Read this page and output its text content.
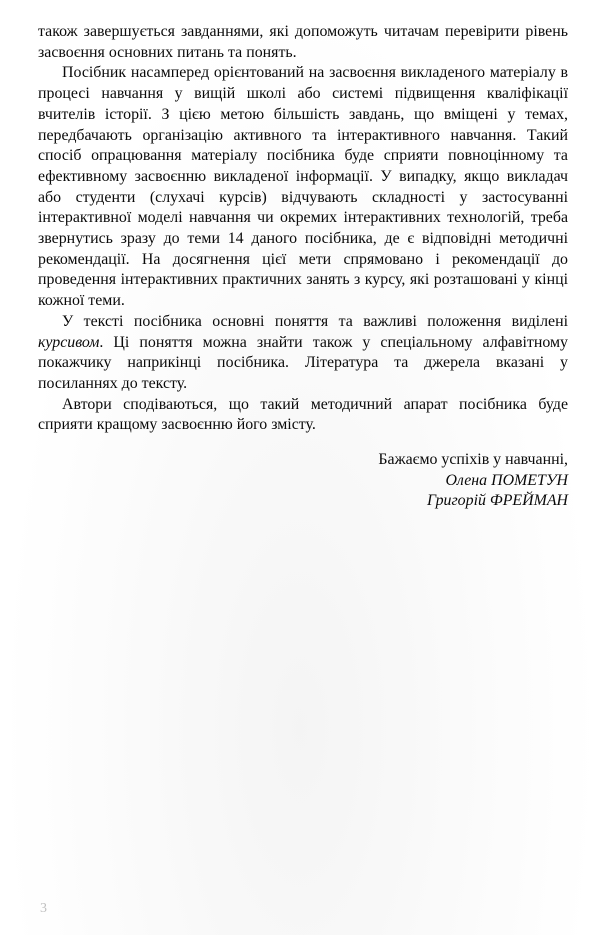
також завершується завданнями, які допоможуть читачам перевірити рівень засвоєння основних питань та понять.

Посібник насамперед орієнтований на засвоєння викладеного матеріалу в процесі навчання у вищій школі або системі підвищення кваліфікації вчителів історії. З цією метою більшість завдань, що вміщені у темах, передбачають організацію активного та інтерактивного навчання. Такий спосіб опрацювання матеріалу посібника буде сприяти повноцінному та ефективному засвоєнню викладеної інформації. У випадку, якщо викладач або студенти (слухачі курсів) відчувають складності у застосуванні інтерактивної моделі навчання чи окремих інтерактивних технологій, треба звернутись зразу до теми 14 даного посібника, де є відповідні методичні рекомендації. На досягнення цієї мети спрямовано і рекомендації до проведення інтерактивних практичних занять з курсу, які розташовані у кінці кожної теми.

У тексті посібника основні поняття та важливі положення виділені курсивом. Ці поняття можна знайти також у спеціальному алфавітному покажчику наприкінці посібника. Література та джерела вказані у посиланнях до тексту.

Автори сподіваються, що такий методичний апарат посібника буде сприяти кращому засвоєнню його змісту.

Бажаємо успіхів у навчанні,
Олена ПОМЕТУН
Григорій ФРЕЙМАН
3
